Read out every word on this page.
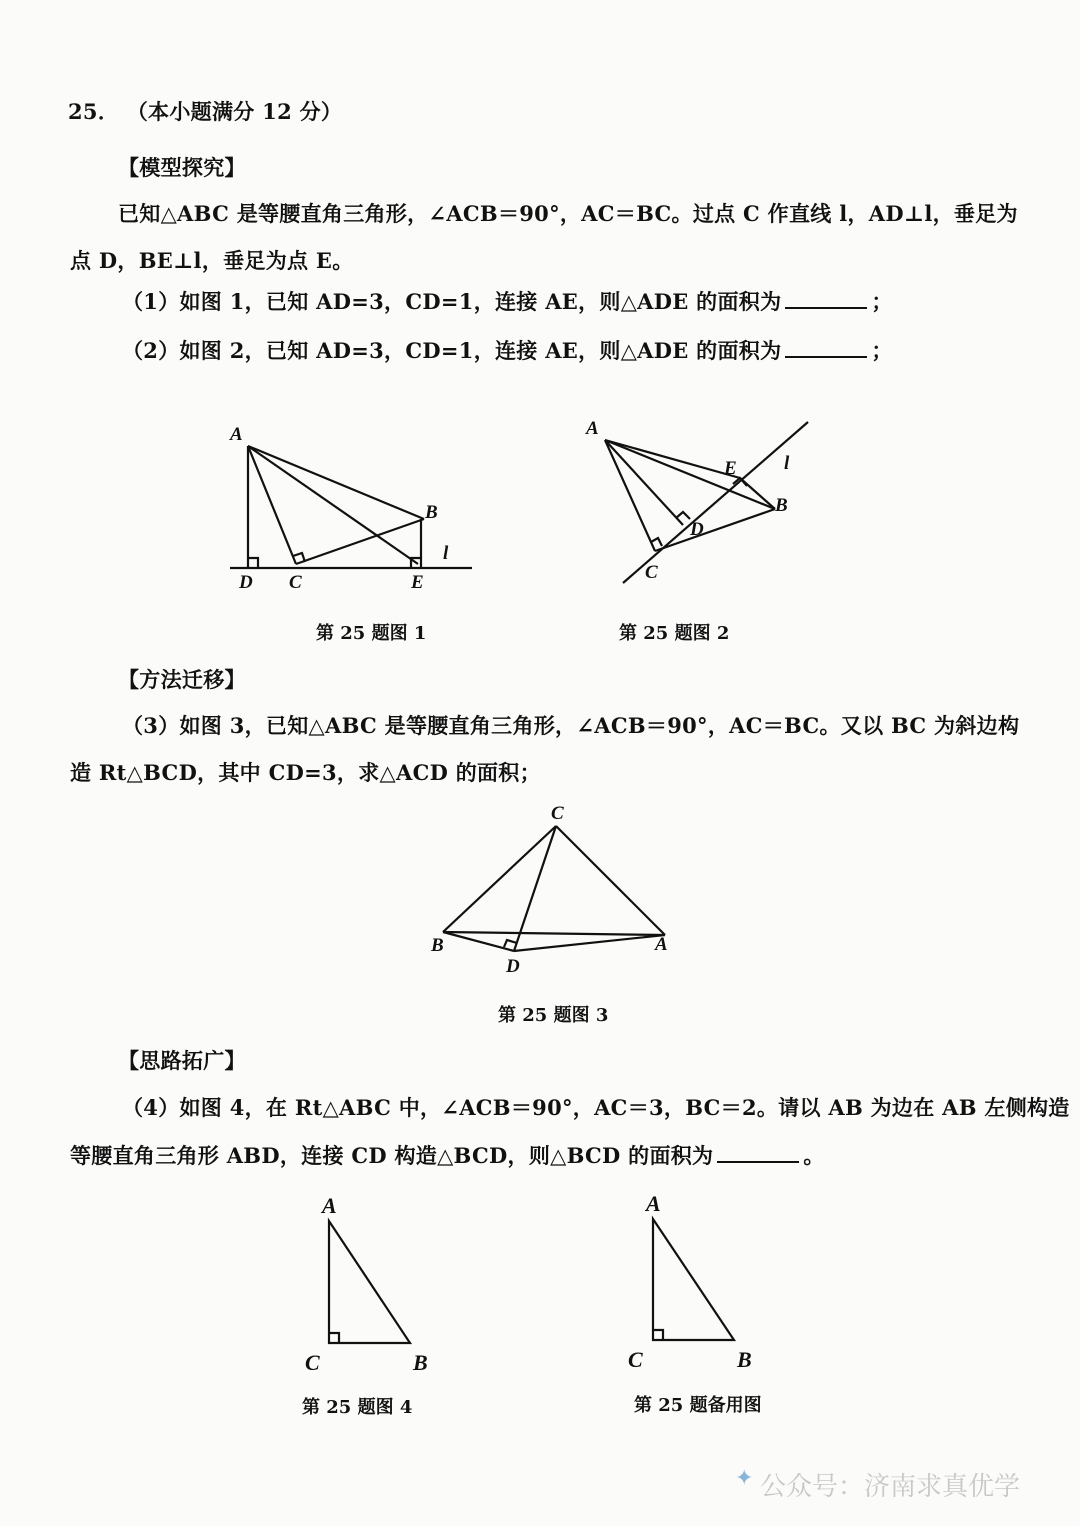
25． （本小题满分 12 分）
【模型探究】
已知△ABC 是等腰直角三角形，∠ACB＝90°，AC＝BC。过点 C 作直线 l，AD⊥l，垂足为
点 D，BE⊥l，垂足为点 E。
（1）如图 1，已知 AD=3，CD=1，连接 AE，则△ADE 的面积为	；
（2）如图 2，已知 AD=3，CD=1，连接 AE，则△ADE 的面积为	；
A
B
C
D	E
l
第 25 题图 1
A
B
C
D
E l
第 25 题图 2
【方法迁移】
（3）如图 3，已知△ABC 是等腰直角三角形，∠ACB＝90°，AC＝BC。又以 BC 为斜边构
造 Rt△BCD，其中 CD=3，求△ACD 的面积；
C
B	A
D
第 25 题图 3
【思路拓广】
（4）如图 4，在 Rt△ABC 中，∠ACB＝90°，AC＝3，BC＝2。请以 AB 为边在 AB 左侧构造
等腰直角三角形 ABD，连接 CD 构造△BCD，则△BCD 的面积为	。
A
C	B
第 25 题图 4
A
C	B
第 25 题备用图
✦ 公众号：济南求真优学
